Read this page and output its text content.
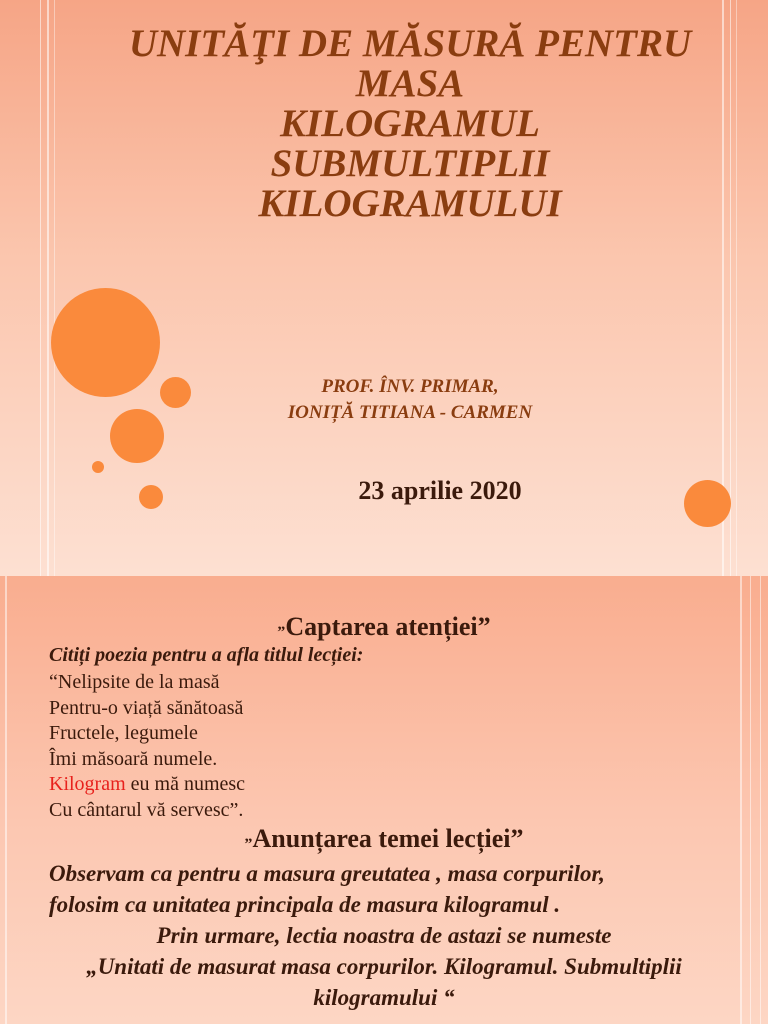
UNITĂŢI DE MĂSURĂ PENTRU
MASA
KILOGRAMUL
SUBMULTIPLII
KILOGRAMULUI
PROF. ÎNV. PRIMAR,
IONIȚĂ TITIANA - CARMEN
23 aprilie 2020
„Captarea atenției”
Citiți poezia pentru a afla titlul lecției:
“Nelipsite de la masă
Pentru-o viață sănătoasă
Fructele, legumele
Îmi măsoară numele.
Kilogram eu mă numesc
Cu cântarul vă servesc”.
„Anunțarea temei lecției”
Observam ca pentru a masura greutatea , masa corpurilor,
folosim ca unitatea principala de masura kilogramul .
Prin urmare, lectia noastra de astazi se numeste
„Unitati de masurat masa corpurilor. Kilogramul. Submultiplii
kilogramului “
